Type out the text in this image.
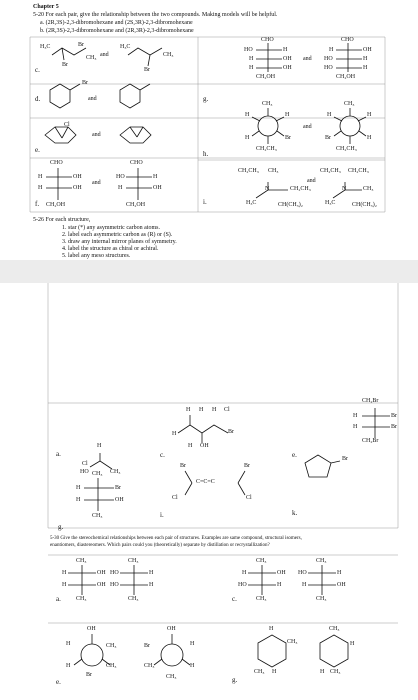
Chapter 5
5-20 For each pair, give the relationship between the two compounds. Making models will be helpful.
a. (2R,3S)-2,3-dibromohexane and (2S,3R)-2,3-dibromohexane
b. (2R,3S)-2,3-dibromohexane and (2R,3R)-2,3-dibromohexane
c.
d.
e.
f.
g.
h.
i.
H₃C	Br
CH₃
Br
and
H₃C
CH₃
Br
Br
and
Cl
and
CHO
H	OH
H	OH
CH₂OH
and
CHO
HO	H
H	OH
CH₂OH
CHO
HO	H
H	OH
H	OH
CH₂OH
and
CHO
H	OH
HO	H
HO	H
CH₂OH
CH₃
H	H
H	Br
CH₂CH₃
and
CH₃
H	H
Br	H
CH₂CH₃
CH₂CH₃ CH₃
N	CH₂CH₃
H₃C	CH(CH₃)₂
and
CH₂CH₃ CH₂CH₃
N	CH₃
H₃C	CH(CH₃)₂
5-26 For each structure,
1. star (*) any asymmetric carbon atoms.
2. label each asymmetric carbon as (R) or (S).
3. draw any internal mirror planes of symmetry.
4. label the structure as chiral or achiral.
5. label any meso structures.
a.	c.	e.
g.
i.	k.
H
Cl
HO	CH₃
H H H Cl
H	Br
H OH
CH₂Br
H	Br
H	Br
CH₂Br
CH₃
H	Br
H	OH
CH₃
Br
Cl
C=C=C
Br
Cl
Br
5-30 Give the stereochemical relationships between each pair of structures. Examples are same compound, structural isomers,
enantiomers, diastereomers. Which pairs could you (theoretically) separate by distillation or recrystallization?
a.	c.
e.	g.
CH₃
H	OH
H	OH
CH₃
CH₃
HO	H
HO	H
CH₃
CH₃
H	OH
HO	H
CH₃
CH₃
HO	H
H	OH
CH₃
OH
H	CH₃
H	CH₃
Br
OH
Br	H
CH₃	H
CH₃
H
CH₃
CH₃ H
CH₃
H
H CH₃
